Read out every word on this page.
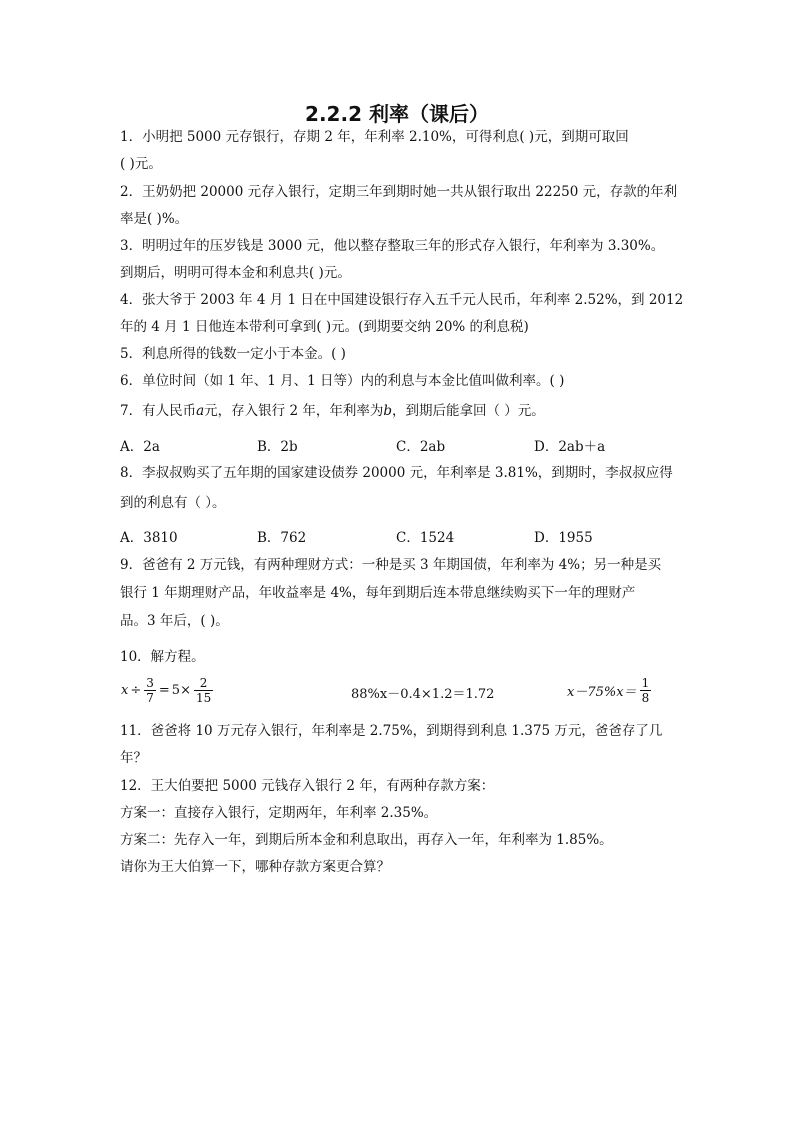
2.2.2 利率（课后）
1．小明把 5000 元存银行，存期 2 年，年利率 2.10%，可得利息( )元，到期可取回
( )元。
2．王奶奶把 20000 元存入银行，定期三年到期时她一共从银行取出 22250 元，存款的年利
率是( )%。
3．明明过年的压岁钱是 3000 元，他以整存整取三年的形式存入银行，年利率为 3.30%。
到期后，明明可得本金和利息共( )元。
4．张大爷于 2003 年 4 月 1 日在中国建设银行存入五千元人民币，年利率 2.52%，到 2012
年的 4 月 1 日他连本带利可拿到( )元。(到期要交纳 20% 的利息税)
5．利息所得的钱数一定小于本金。( )
6．单位时间（如 1 年、1 月、1 日等）内的利息与本金比值叫做利率。( )
7．有人民币a元，存入银行 2 年，年利率为b，到期后能拿回（ ）元。
A．2a	B．2b	C．2ab	D．2ab＋a
8．李叔叔购买了五年期的国家建设债券 20000 元，年利率是 3.81%，到期时，李叔叔应得
到的利息有（ ）。
A．3810	B．762	C．1524	D．1955
9．爸爸有 2 万元钱，有两种理财方式：一种是买 3 年期国债，年利率为 4%；另一种是买
银行 1 年期理财产品，年收益率是 4%，每年到期后连本带息继续购买下一年的理财产
品。3 年后，( )。
10．解方程。
$x \div \frac{3}{7} = 5\times \frac{2}{15}$	88%x－0.4×1.2＝1.72	$x-75\%x= \frac{1}{8}$
11．爸爸将 10 万元存入银行，年利率是 2.75%，到期得到利息 1.375 万元，爸爸存了几
年？
12．王大伯要把 5000 元钱存入银行 2 年，有两种存款方案：
方案一：直接存入银行，定期两年，年利率 2.35%。
方案二：先存入一年，到期后所本金和利息取出，再存入一年，年利率为 1.85%。
请你为王大伯算一下，哪种存款方案更合算？
